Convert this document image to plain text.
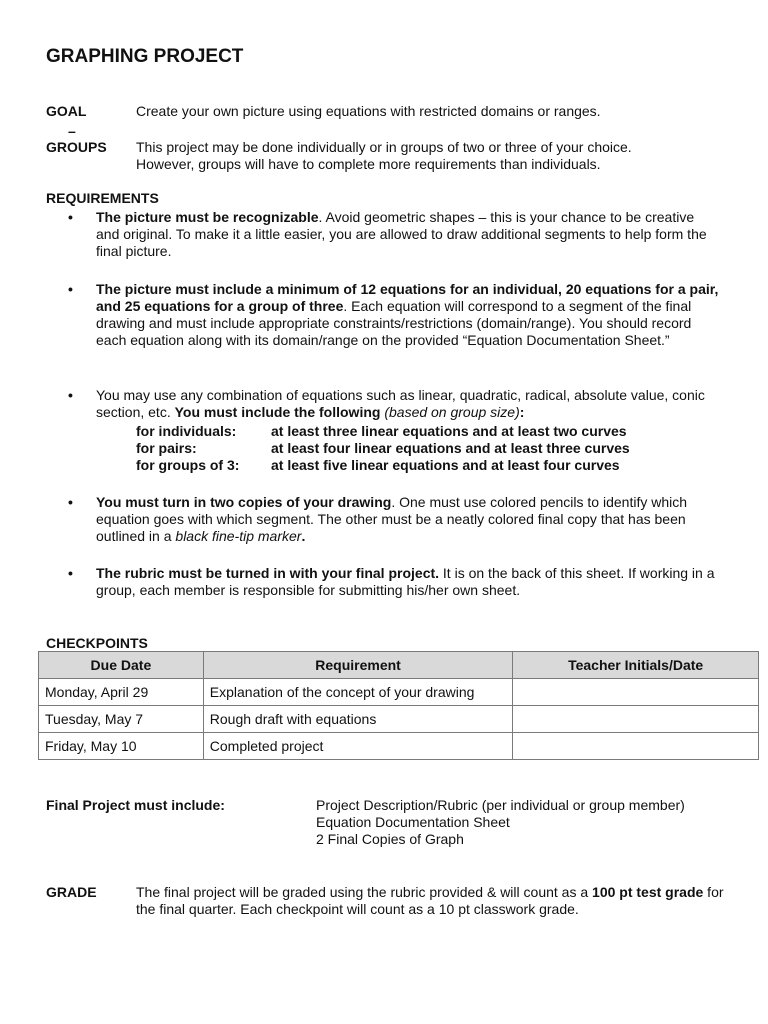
GRAPHING PROJECT
GOAL	Create your own picture using equations with restricted domains or ranges.
–
GROUPS This project may be done individually or in groups of two or three of your choice.
However, groups will have to complete more requirements than individuals.
REQUIREMENTS
• The picture must be recognizable. Avoid geometric shapes – this is your chance to be creative and original. To make it a little easier, you are allowed to draw additional segments to help form the final picture.
• The picture must include a minimum of 12 equations for an individual, 20 equations for a pair, and 25 equations for a group of three. Each equation will correspond to a segment of the final drawing and must include appropriate constraints/restrictions (domain/range). You should record each equation along with its domain/range on the provided “Equation Documentation Sheet.”
• You may use any combination of equations such as linear, quadratic, radical, absolute value, conic section, etc. You must include the following (based on group size):
for individuals: at least three linear equations and at least two curves
for pairs:	at least four linear equations and at least three curves
for groups of 3: at least five linear equations and at least four curves
• You must turn in two copies of your drawing. One must use colored pencils to identify which equation goes with which segment. The other must be a neatly colored final copy that has been outlined in a black fine-tip marker.
• The rubric must be turned in with your final project. It is on the back of this sheet. If working in a group, each member is responsible for submitting his/her own sheet.
CHECKPOINTS
Due Date	Requirement	Teacher Initials/Date
Monday, April 29	Explanation of the concept of your drawing	
Tuesday, May 7	Rough draft with equations	
Friday, May 10	Completed project	
Final Project must include:	Project Description/Rubric (per individual or group member)
Equation Documentation Sheet
2 Final Copies of Graph
GRADE	The final project will be graded using the rubric provided & will count as a 100 pt test grade for the final quarter. Each checkpoint will count as a 10 pt classwork grade.
